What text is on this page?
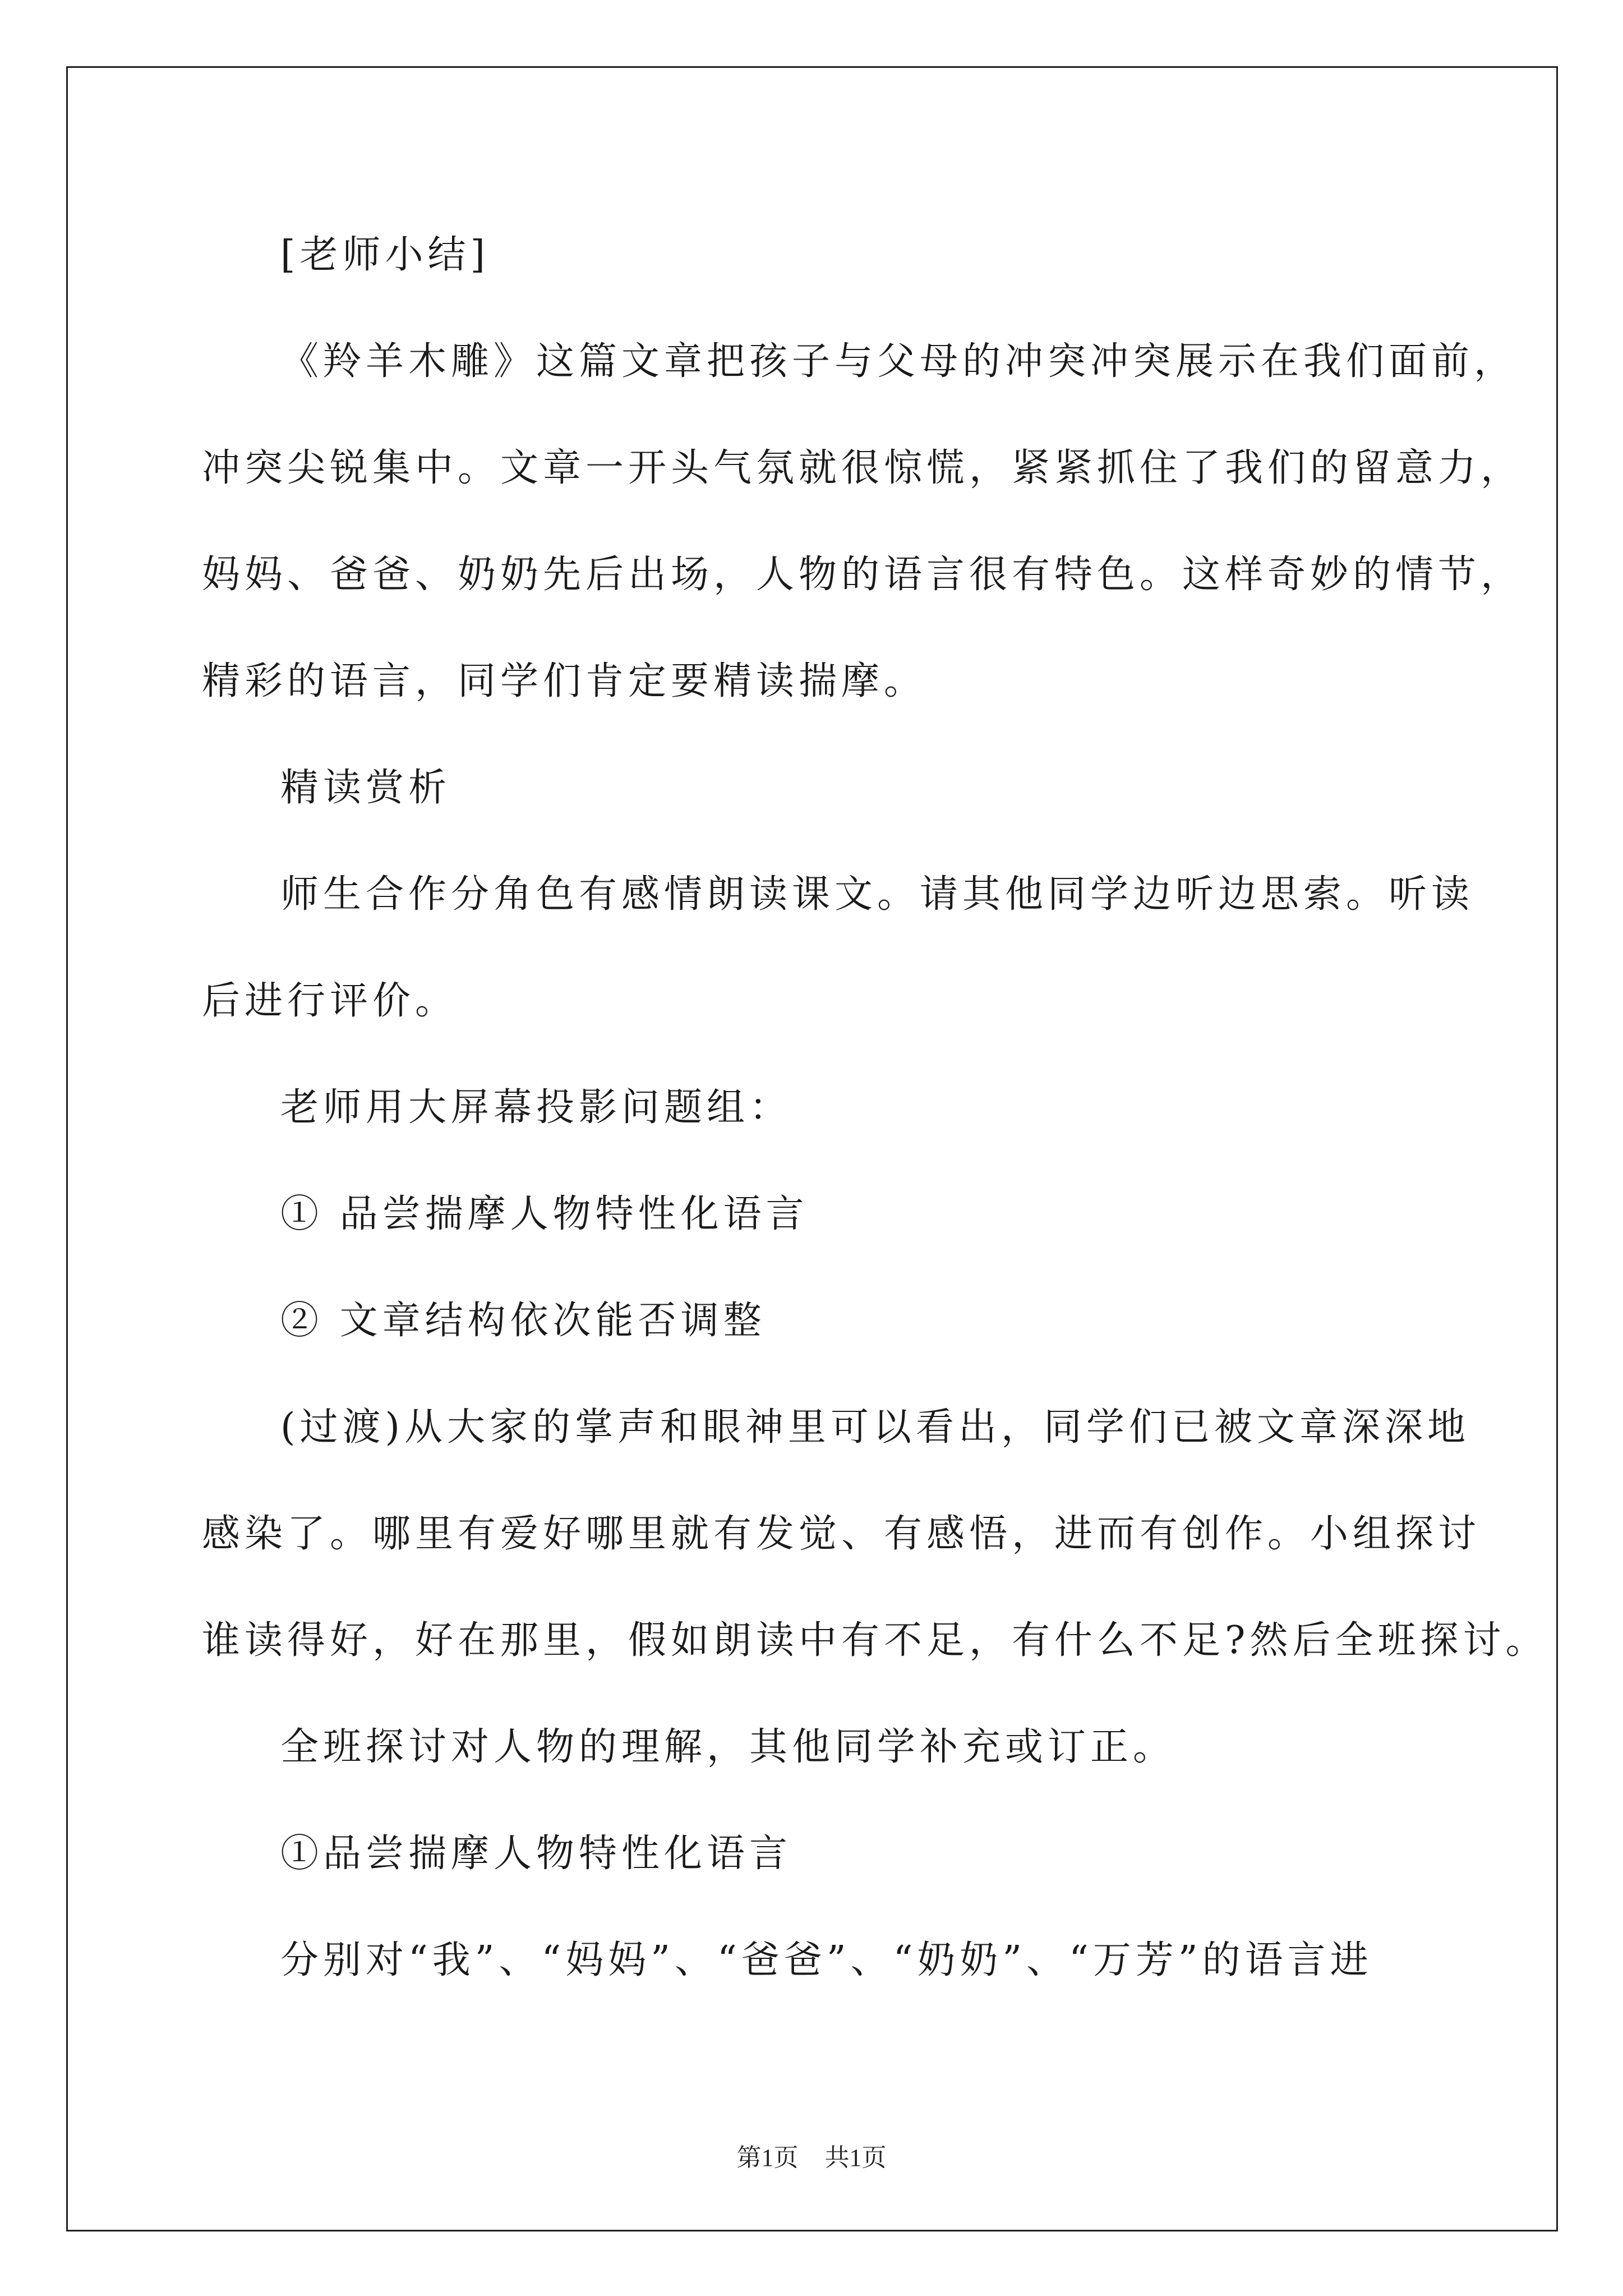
[老师小结]
《羚羊木雕》这篇文章把孩子与父母的冲突冲突展示在我们面前，
冲突尖锐集中。文章一开头气氛就很惊慌，紧紧抓住了我们的留意力，
妈妈、爸爸、奶奶先后出场，人物的语言很有特色。这样奇妙的情节，
精彩的语言，同学们肯定要精读揣摩。
精读赏析
师生合作分角色有感情朗读课文。请其他同学边听边思索。听读
后进行评价。
老师用大屏幕投影问题组：
① 品尝揣摩人物特性化语言
② 文章结构依次能否调整
(过渡)从大家的掌声和眼神里可以看出，同学们已被文章深深地
感染了。哪里有爱好哪里就有发觉、有感悟，进而有创作。小组探讨
谁读得好，好在那里，假如朗读中有不足，有什么不足?然后全班探讨。
全班探讨对人物的理解，其他同学补充或订正。
①品尝揣摩人物特性化语言
分别对“我”、“妈妈”、“爸爸”、“奶奶”、“万芳”的语言进
第1页 共1页
